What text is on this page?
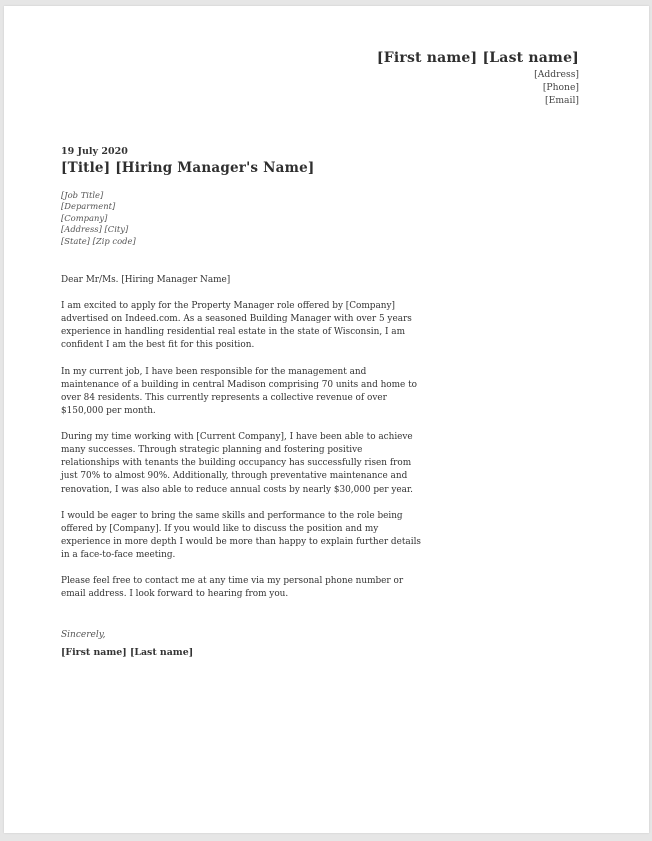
[First name] [Last name]
[Address]
[Phone]
[Email]
19 July 2020
[Title] [Hiring Manager's Name]
[Job Title]
[Deparment]
[Company]
[Address] [City]
[State] [Zip code]

Dear Mr/Ms. [Hiring Manager Name]

I am excited to apply for the Property Manager role offered by [Company] advertised on Indeed.com. As a seasoned Building Manager with over 5 years experience in handling residential real estate in the state of Wisconsin, I am confident I am the best fit for this position.

In my current job, I have been responsible for the management and maintenance of a building in central Madison comprising 70 units and home to over 84 residents. This currently represents a collective revenue of over $150,000 per month.

During my time working with [Current Company], I have been able to achieve many successes. Through strategic planning and fostering positive relationships with tenants the building occupancy has successfully risen from just 70% to almost 90%. Additionally, through preventative maintenance and renovation, I was also able to reduce annual costs by nearly $30,000 per year.

I would be eager to bring the same skills and performance to the role being offered by [Company]. If you would like to discuss the position and my experience in more depth I would be more than happy to explain further details in a face-to-face meeting.

Please feel free to contact me at any time via my personal phone number or email address. I look forward to hearing from you.

Sincerely,
[First name] [Last name]
